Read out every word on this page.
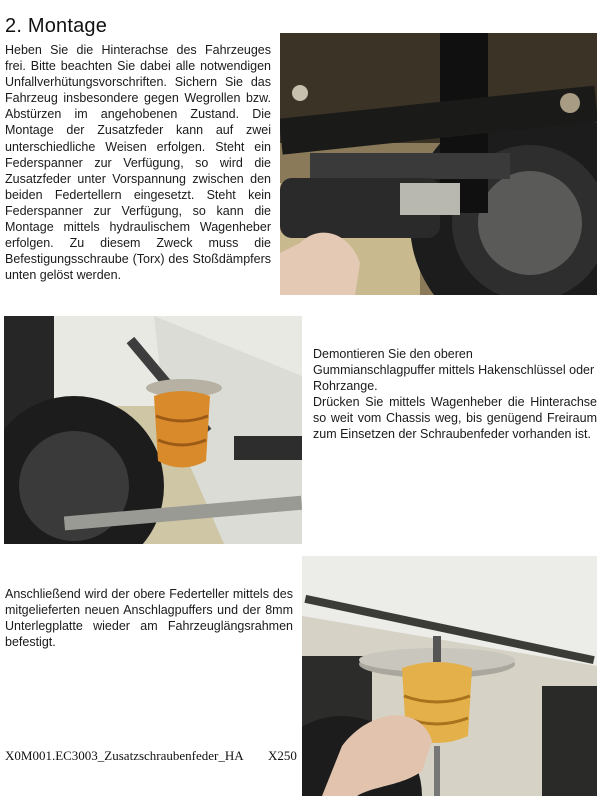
2. Montage

Heben Sie die Hinterachse des Fahrzeuges frei. Bitte beachten Sie dabei alle notwendigen Unfallverhütungsvorschriften. Sichern Sie das Fahrzeug insbesondere gegen Wegrollen bzw. Abstürzen im angehobenen Zustand. Die Montage der Zusatzfeder kann auf zwei unterschiedliche Weisen erfolgen. Steht ein Federspanner zur Verfügung, so wird die Zusatzfeder unter Vorspannung zwischen den beiden Federtellern eingesetzt. Steht kein Federspanner zur Verfügung, so kann die Montage mittels hydraulischem Wagenheber erfolgen. Zu diesem Zweck muss die Befestigungsschraube (Torx) des Stoßdämpfers unten gelöst werden.

Demontieren Sie den oberen Gummianschlagpuffer mittels Hakenschlüssel oder Rohrzange.

Drücken Sie mittels Wagenheber die Hinterachse so weit vom Chassis weg, bis genügend Freiraum zum Einsetzen der Schraubenfeder vorhanden ist.

Anschließend wird der obere Federteller mittels des mitgelieferten neuen Anschlagpuffers und der 8mm Unterlegplatte wieder am Fahrzeuglängsrahmen befestigt.

X0M001.EC3003_Zusatzschraubenfeder_HA X250
